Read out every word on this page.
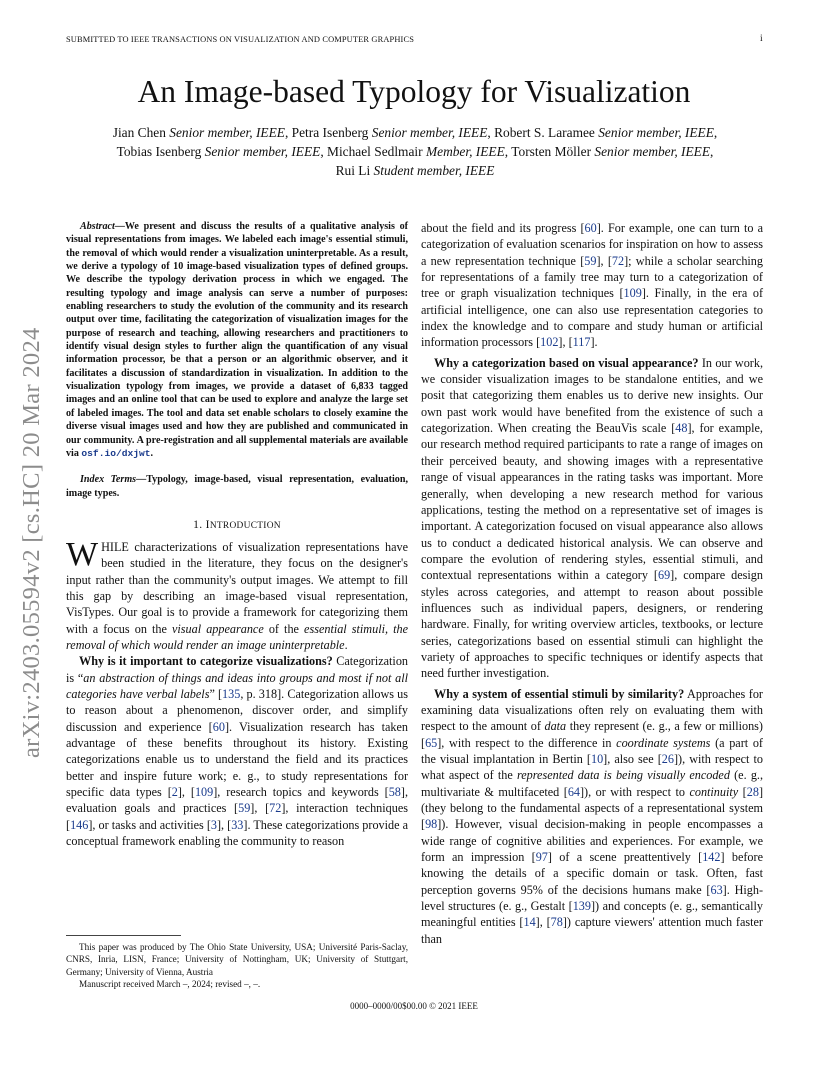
SUBMITTED TO IEEE TRANSACTIONS ON VISUALIZATION AND COMPUTER GRAPHICS	i
An Image-based Typology for Visualization
Jian Chen Senior member, IEEE, Petra Isenberg Senior member, IEEE, Robert S. Laramee Senior member, IEEE,
Tobias Isenberg Senior member, IEEE, Michael Sedlmair Member, IEEE, Torsten Möller Senior member, IEEE,
Rui Li Student member, IEEE
arXiv:2403.05594v2 [cs.HC] 20 Mar 2024

Abstract—We present and discuss the results of a qualitative analysis of visual representations from images. We labeled each image's essential stimuli, the removal of which would render a visualization uninterpretable. As a result, we derive a typology of 10 image-based visualization types of defined groups. We describe the typology derivation process in which we engaged. The resulting typology and image analysis can serve a number of purposes: enabling researchers to study the evolution of the community and its research output over time, facilitating the categorization of visualization images for the purpose of research and teaching, allowing researchers and practitioners to identify visual design styles to further align the quantification of any visual information processor, be that a person or an algorithmic observer, and it facilitates a discussion of standardization in visualization. In addition to the visualization typology from images, we provide a dataset of 6,833 tagged images and an online tool that can be used to explore and analyze the large set of labeled images. The tool and data set enable scholars to closely examine the diverse visual images used and how they are published and communicated in our community. A pre-registration and all supplemental materials are available via osf.io/dxjwt.

Index Terms—Typology, image-based, visual representation, evaluation, image types.

1. INTRODUCTION

WHILE characterizations of visualization representations have been studied in the literature, they focus on the designer's input rather than the community's output images. We attempt to fill this gap by describing an image-based visual representation, VisTypes. Our goal is to provide a framework for categorizing them with a focus on the visual appearance of the essential stimuli, the removal of which would render an image uninterpretable.

Why is it important to categorize visualizations? Categorization is “an abstraction of things and ideas into groups and most if not all categories have verbal labels” [135, p. 318]. Categorization allows us to reason about a phenomenon, discover order, and simplify discussion and experience [60]. Visualization research has taken advantage of these benefits throughout its history. Existing categorizations enable us to understand the field and its practices better and inspire future work; e. g., to study representations for specific data types [2], [109], research topics and keywords [58], evaluation goals and practices [59], [72], interaction techniques [146], or tasks and activities [3], [33]. These categorizations provide a conceptual framework enabling the community to reason

This paper was produced by The Ohio State University, USA; Université Paris-Saclay, CNRS, Inria, LISN, France; University of Nottingham, UK; University of Stuttgart, Germany; University of Vienna, Austria

Manuscript received March –, 2024; revised –, –.

about the field and its progress [60]. For example, one can turn to a categorization of evaluation scenarios for inspiration on how to assess a new representation technique [59], [72]; while a scholar searching for representations of a family tree may turn to a categorization of tree or graph visualization techniques [109]. Finally, in the era of artificial intelligence, one can also use representation categories to index the knowledge and to compare and study human or artificial information processors [102], [117].

Why a categorization based on visual appearance? In our work, we consider visualization images to be standalone entities, and we posit that categorizing them enables us to derive new insights. Our own past work would have benefited from the existence of such a categorization. When creating the BeauVis scale [48], for example, our research method required participants to rate a range of images on their perceived beauty, and showing images with a representative range of visual appearances in the rating tasks was important. More generally, when developing a new research method for various applications, testing the method on a representative set of images is important. A categorization focused on visual appearance also allows us to conduct a dedicated historical analysis. We can observe and compare the evolution of rendering styles, essential stimuli, and contextual representations within a category [69], compare design styles across categories, and attempt to reason about possible influences such as individual papers, designers, or rendering hardware. Finally, for writing overview articles, textbooks, or lecture series, categorizations based on essential stimuli can highlight the variety of approaches to specific techniques or identify aspects that need further investigation.

Why a system of essential stimuli by similarity? Approaches for examining data visualizations often rely on evaluating them with respect to the amount of data they represent (e. g., a few or millions) [65], with respect to the difference in coordinate systems (a part of the visual implantation in Bertin [10], also see [26]), with respect to what aspect of the represented data is being visually encoded (e. g., multivariate & multifaceted [64]), or with respect to continuity [28] (they belong to the fundamental aspects of a representational system [98]). However, visual decision-making in people encompasses a wide range of cognitive abilities and experiences. For example, we form an impression [97] of a scene preattentively [142] before knowing the details of a specific domain or task. Often, fast perception governs 95% of the decisions humans make [63]. High-level structures (e. g., Gestalt [139]) and concepts (e. g., semantically meaningful entities [14], [78]) capture viewers' attention much faster than

0000–0000/00$00.00 © 2021 IEEE
